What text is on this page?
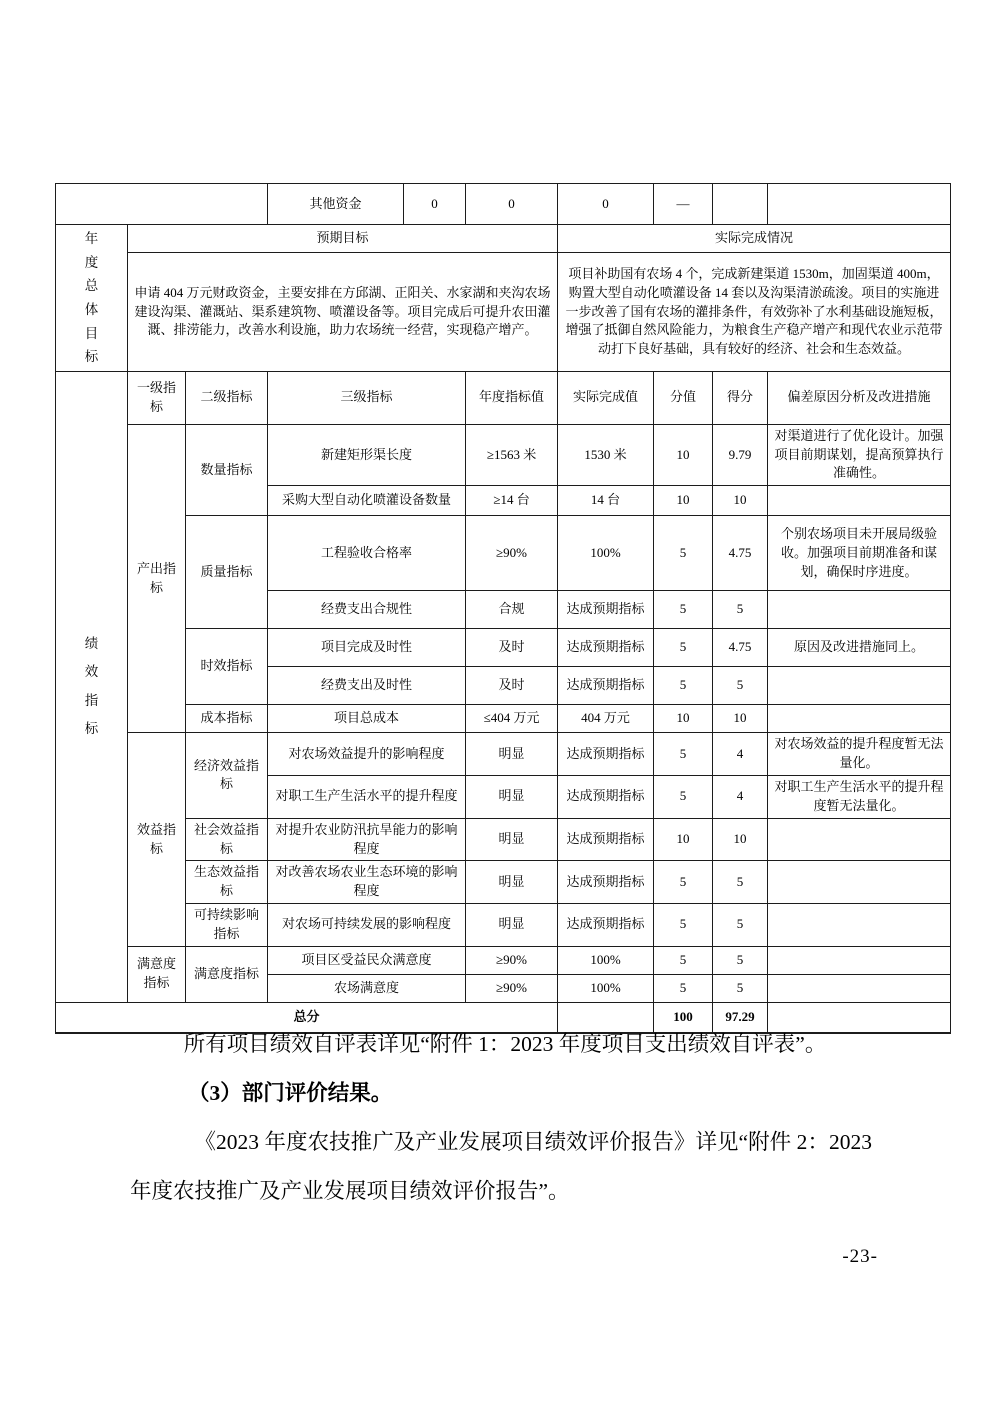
			其他资金	0	0	0	—		

年度总体目标	预期目标					实际完成情况			
	申请 404 万元财政资金，主要安排在方邱湖、正阳关、水家湖和夹沟农场建设沟渠、灌溉站、渠系建筑物、喷灌设备等。项目完成后可提升农田灌溉、排涝能力，改善水利设施，助力农场统一经营，实现稳产增产。					项目补助国有农场 4 个，完成新建渠道 1530m，加固渠道 400m，购置大型自动化喷灌设备 14 套以及沟渠清淤疏浚。项目的实施进一步改善了国有农场的灌排条件，有效弥补了水利基础设施短板，增强了抵御自然风险能力，为粮食生产稳产增产和现代农业示范带动打下良好基础，具有较好的经济、社会和生态效益。			

绩效指标	一级指标	二级指标	三级指标		年度指标值	实际完成值	分值	得分	偏差原因分析及改进措施
	产出指标	数量指标	新建矩形渠长度		≥1563 米	1530 米	10	9.79	对渠道进行了优化设计。加强项目前期谋划，提高预算执行准确性。
			采购大型自动化喷灌设备数量		≥14 台	14 台	10	10	
		质量指标	工程验收合格率		≥90%	100%	5	4.75	个别农场项目未开展局级验收。加强项目前期准备和谋划，确保时序进度。
			经费支出合规性		合规	达成预期指标	5	5	
		时效指标	项目完成及时性		及时	达成预期指标	5	4.75	原因及改进措施同上。
			经费支出及时性		及时	达成预期指标	5	5	
		成本指标	项目总成本		≤404 万元	404 万元	10	10	
	效益指标	经济效益指标	对农场效益提升的影响程度		明显	达成预期指标	5	4	对农场效益的提升程度暂无法量化。
			对职工生产生活水平的提升程度		明显	达成预期指标	5	4	对职工生产生活水平的提升程度暂无法量化。
		社会效益指标	对提升农业防汛抗旱能力的影响程度		明显	达成预期指标	10	10	
		生态效益指标	对改善农场农业生态环境的影响程度		明显	达成预期指标	5	5	
		可持续影响指标	对农场可持续发展的影响程度		明显	达成预期指标	5	5	
	满意度指标	满意度指标	项目区受益民众满意度		≥90%	100%	5	5	
			农场满意度		≥90%	100%	5	5	
总分							100	97.29	

所有项目绩效自评表详见“附件 1：2023 年度项目支出绩效自评表”。

（3）部门评价结果。

《2023 年度农技推广及产业发展项目绩效评价报告》详见“附件 2：2023 年度农技推广及产业发展项目绩效评价报告”。

-23-
